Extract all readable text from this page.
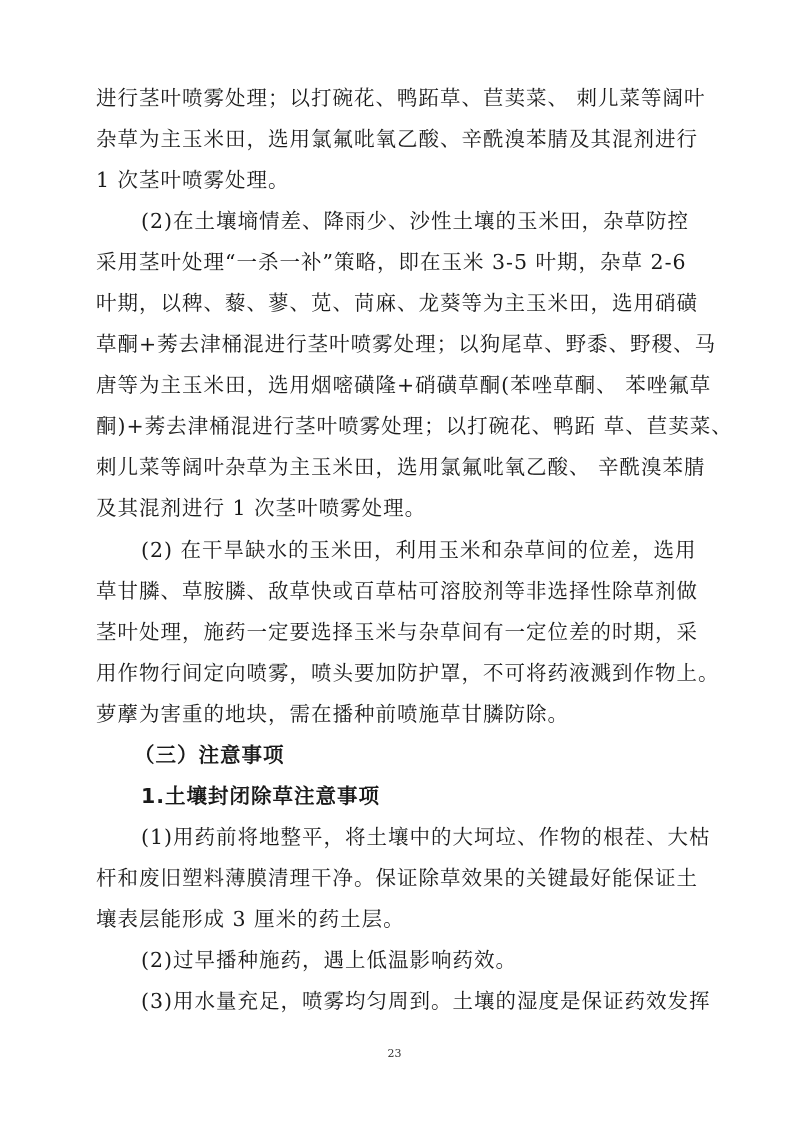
进行茎叶喷雾处理；以打碗花、鸭跖草、苣荬菜、 刺儿菜等阔叶
杂草为主玉米田，选用氯氟吡氧乙酸、辛酰溴苯腈及其混剂进行
1 次茎叶喷雾处理。
(2)在土壤墒情差、降雨少、沙性土壤的玉米田，杂草防控
采用茎叶处理“一杀一补”策略，即在玉米 3-5 叶期，杂草 2-6
叶期，以稗、藜、蓼、苋、苘麻、龙葵等为主玉米田，选用硝磺
草酮+莠去津桶混进行茎叶喷雾处理；以狗尾草、野黍、野稷、马
唐等为主玉米田，选用烟嘧磺隆+硝磺草酮(苯唑草酮、 苯唑氟草
酮)+莠去津桶混进行茎叶喷雾处理；以打碗花、鸭跖 草、苣荬菜、
刺儿菜等阔叶杂草为主玉米田，选用氯氟吡氧乙酸、 辛酰溴苯腈
及其混剂进行 1 次茎叶喷雾处理。
(2) 在干旱缺水的玉米田，利用玉米和杂草间的位差，选用
草甘膦、草胺膦、敌草快或百草枯可溶胶剂等非选择性除草剂做
茎叶处理，施药一定要选择玉米与杂草间有一定位差的时期，采
用作物行间定向喷雾，喷头要加防护罩，不可将药液溅到作物上。
萝藦为害重的地块，需在播种前喷施草甘膦防除。
（三）注意事项
1.土壤封闭除草注意事项
(1)用药前将地整平，将土壤中的大坷垃、作物的根茬、大枯
杆和废旧塑料薄膜清理干净。保证除草效果的关键最好能保证土
壤表层能形成 3 厘米的药土层。
(2)过早播种施药，遇上低温影响药效。
(3)用水量充足，喷雾均匀周到。土壤的湿度是保证药效发挥
23
